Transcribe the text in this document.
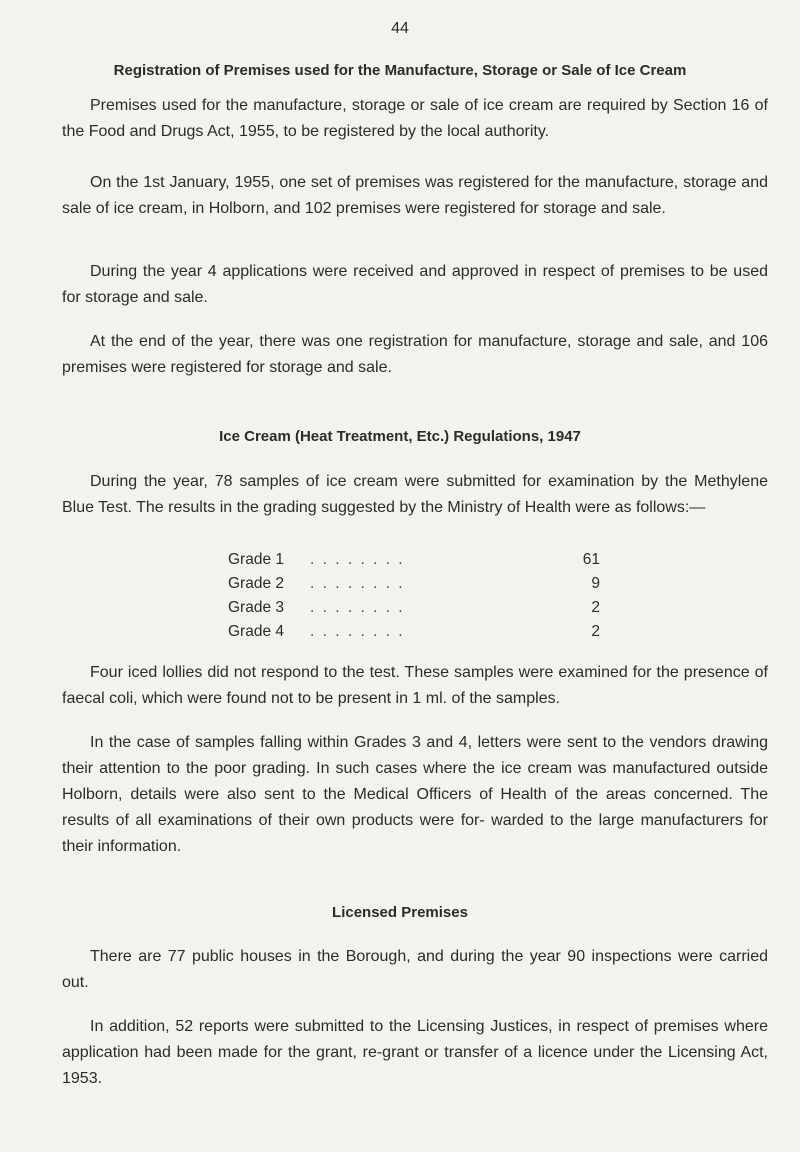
44
Registration of Premises used for the Manufacture, Storage or Sale of Ice Cream
Premises used for the manufacture, storage or sale of ice cream are required by Section 16 of the Food and Drugs Act, 1955, to be registered by the local authority.
On the 1st January, 1955, one set of premises was registered for the manufacture, storage and sale of ice cream, in Holborn, and 102 premises were registered for storage and sale.
During the year 4 applications were received and approved in respect of premises to be used for storage and sale.
At the end of the year, there was one registration for manufacture, storage and sale, and 106 premises were registered for storage and sale.
Ice Cream (Heat Treatment, Etc.) Regulations, 1947
During the year, 78 samples of ice cream were submitted for examination by the Methylene Blue Test. The results in the grading suggested by the Ministry of Health were as follows:—
Grade 1 . . . . . . . .	61
Grade 2 . . . . . . . .	9
Grade 3 . . . . . . . .	2
Grade 4 . . . . . . . .	2
Four iced lollies did not respond to the test. These samples were examined for the presence of faecal coli, which were found not to be present in 1 ml. of the samples.
In the case of samples falling within Grades 3 and 4, letters were sent to the vendors drawing their attention to the poor grading. In such cases where the ice cream was manufactured outside Holborn, details were also sent to the Medical Officers of Health of the areas concerned. The results of all examinations of their own products were for- warded to the large manufacturers for their information.
Licensed Premises
There are 77 public houses in the Borough, and during the year 90 inspections were carried out.
In addition, 52 reports were submitted to the Licensing Justices, in respect of premises where application had been made for the grant, re-grant or transfer of a licence under the Licensing Act, 1953.
